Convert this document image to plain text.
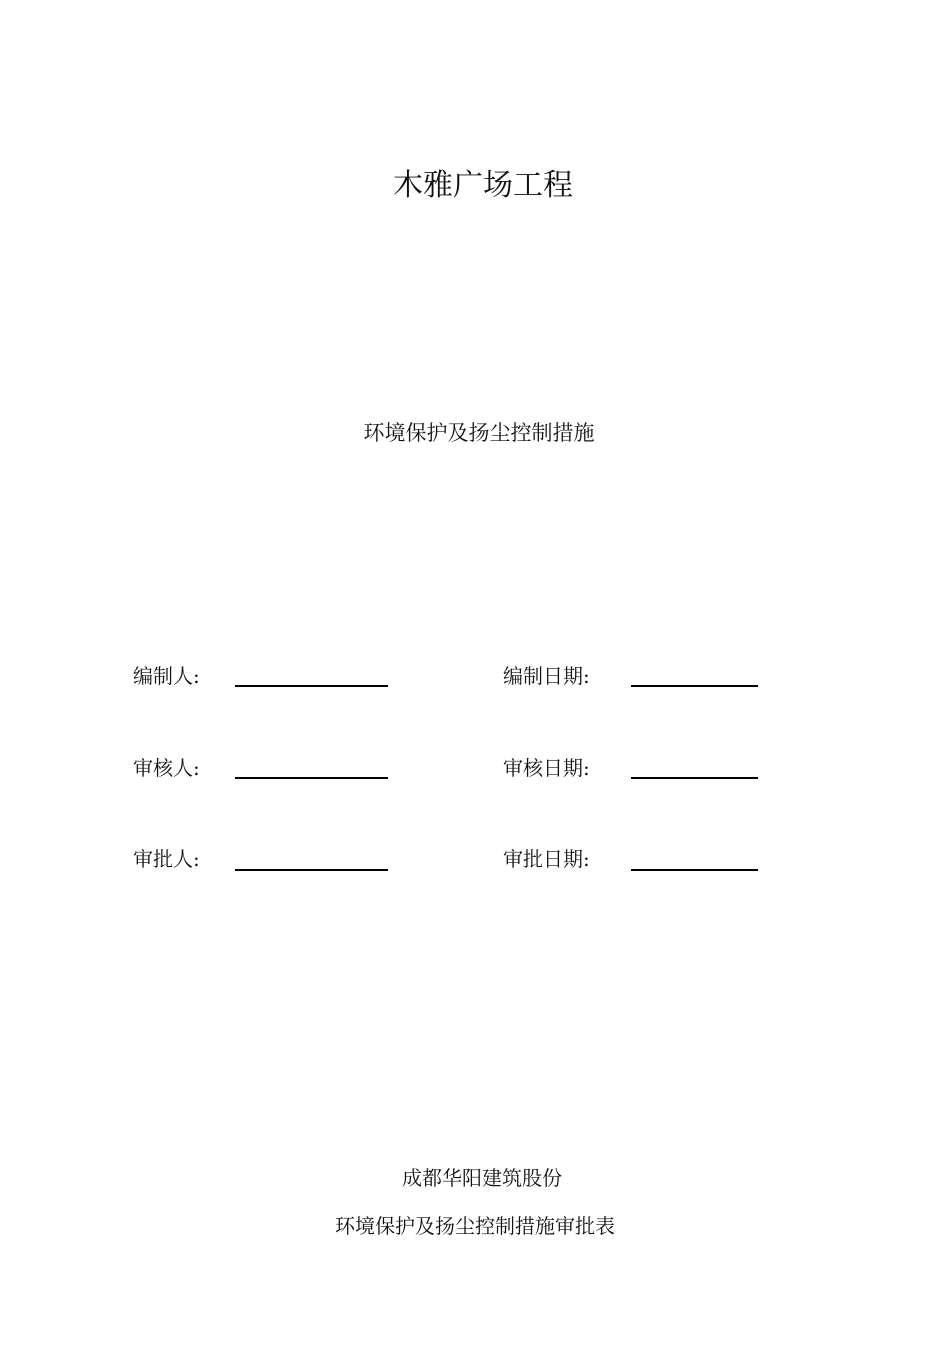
木雅广场工程
环境保护及扬尘控制措施
编制人:	编制日期:
审核人:	审核日期:
审批人:	审批日期:
成都华阳建筑股份
环境保护及扬尘控制措施审批表
